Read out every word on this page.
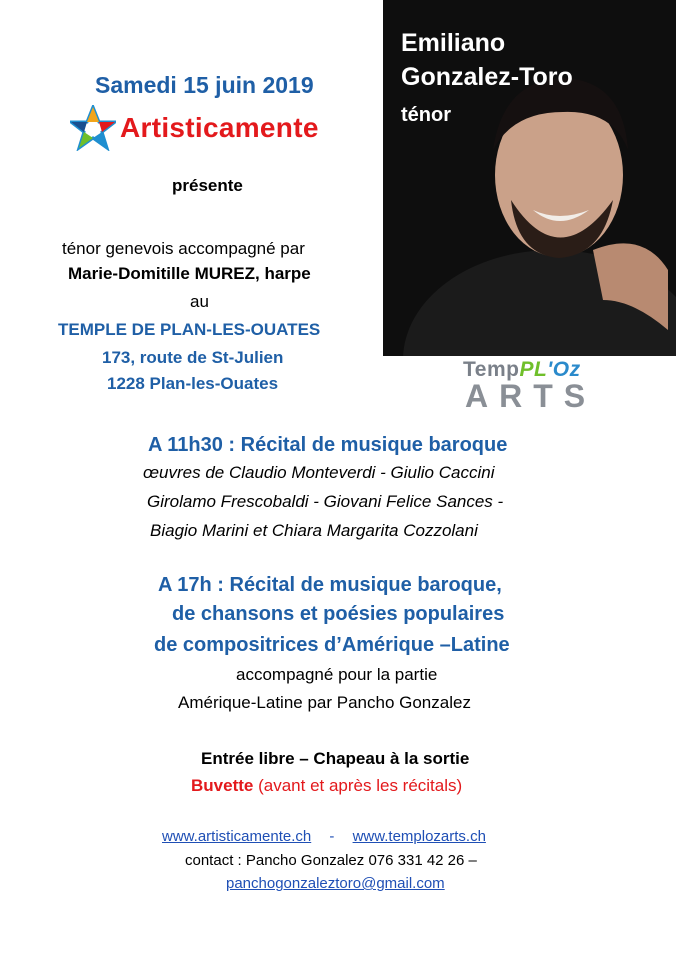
Emiliano
Gonzalez-Toro
ténor
Samedi 15 juin 2019
Artisticamente
présente
ténor genevois accompagné par
Marie-Domitille MUREZ, harpe
au
TEMPLE DE PLAN-LES-OUATES
173, route de St-Julien
1228 Plan-les-Ouates
TempPL'Oz
ARTS
A 11h30 : Récital de musique baroque
œuvres de Claudio Monteverdi - Giulio Caccini
Girolamo Frescobaldi - Giovani Felice Sances -
Biagio Marini et Chiara Margarita Cozzolani
A 17h : Récital de musique baroque,
de chansons et poésies populaires
de compositrices d’Amérique –Latine
accompagné pour la partie
Amérique-Latine par Pancho Gonzalez
Entrée libre – Chapeau à la sortie
Buvette (avant et après les récitals)
www.artisticamente.ch - www.templozarts.ch
contact : Pancho Gonzalez 076 331 42 26 –
panchogonzaleztoro@gmail.com
